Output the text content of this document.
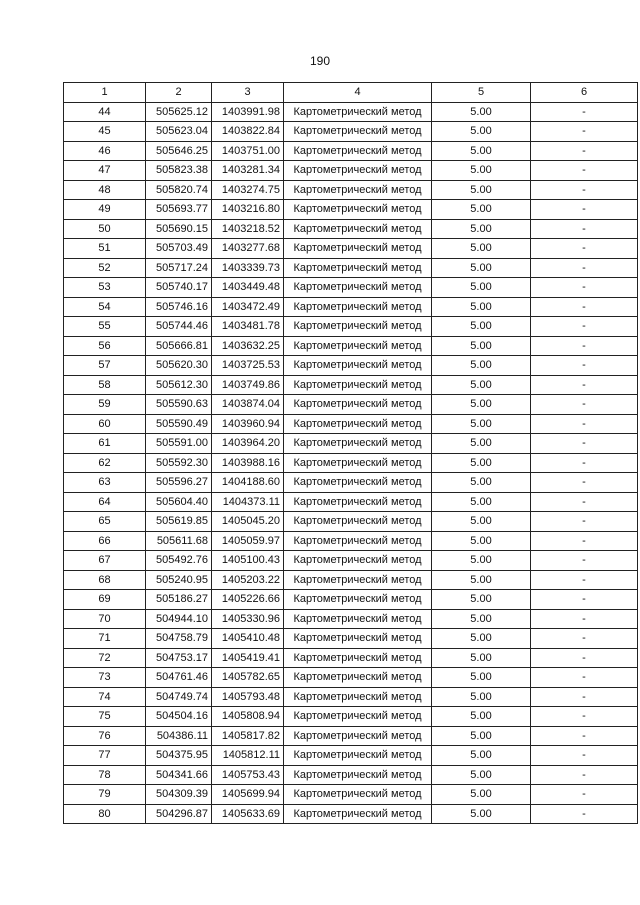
190
1	2	3	4	5	6
44	505625.12	1403991.98	Картометрический метод	5.00	-
45	505623.04	1403822.84	Картометрический метод	5.00	-
46	505646.25	1403751.00	Картометрический метод	5.00	-
47	505823.38	1403281.34	Картометрический метод	5.00	-
48	505820.74	1403274.75	Картометрический метод	5.00	-
49	505693.77	1403216.80	Картометрический метод	5.00	-
50	505690.15	1403218.52	Картометрический метод	5.00	-
51	505703.49	1403277.68	Картометрический метод	5.00	-
52	505717.24	1403339.73	Картометрический метод	5.00	-
53	505740.17	1403449.48	Картометрический метод	5.00	-
54	505746.16	1403472.49	Картометрический метод	5.00	-
55	505744.46	1403481.78	Картометрический метод	5.00	-
56	505666.81	1403632.25	Картометрический метод	5.00	-
57	505620.30	1403725.53	Картометрический метод	5.00	-
58	505612.30	1403749.86	Картометрический метод	5.00	-
59	505590.63	1403874.04	Картометрический метод	5.00	-
60	505590.49	1403960.94	Картометрический метод	5.00	-
61	505591.00	1403964.20	Картометрический метод	5.00	-
62	505592.30	1403988.16	Картометрический метод	5.00	-
63	505596.27	1404188.60	Картометрический метод	5.00	-
64	505604.40	1404373.11	Картометрический метод	5.00	-
65	505619.85	1405045.20	Картометрический метод	5.00	-
66	505611.68	1405059.97	Картометрический метод	5.00	-
67	505492.76	1405100.43	Картометрический метод	5.00	-
68	505240.95	1405203.22	Картометрический метод	5.00	-
69	505186.27	1405226.66	Картометрический метод	5.00	-
70	504944.10	1405330.96	Картометрический метод	5.00	-
71	504758.79	1405410.48	Картометрический метод	5.00	-
72	504753.17	1405419.41	Картометрический метод	5.00	-
73	504761.46	1405782.65	Картометрический метод	5.00	-
74	504749.74	1405793.48	Картометрический метод	5.00	-
75	504504.16	1405808.94	Картометрический метод	5.00	-
76	504386.11	1405817.82	Картометрический метод	5.00	-
77	504375.95	1405812.11	Картометрический метод	5.00	-
78	504341.66	1405753.43	Картометрический метод	5.00	-
79	504309.39	1405699.94	Картометрический метод	5.00	-
80	504296.87	1405633.69	Картометрический метод	5.00	-
